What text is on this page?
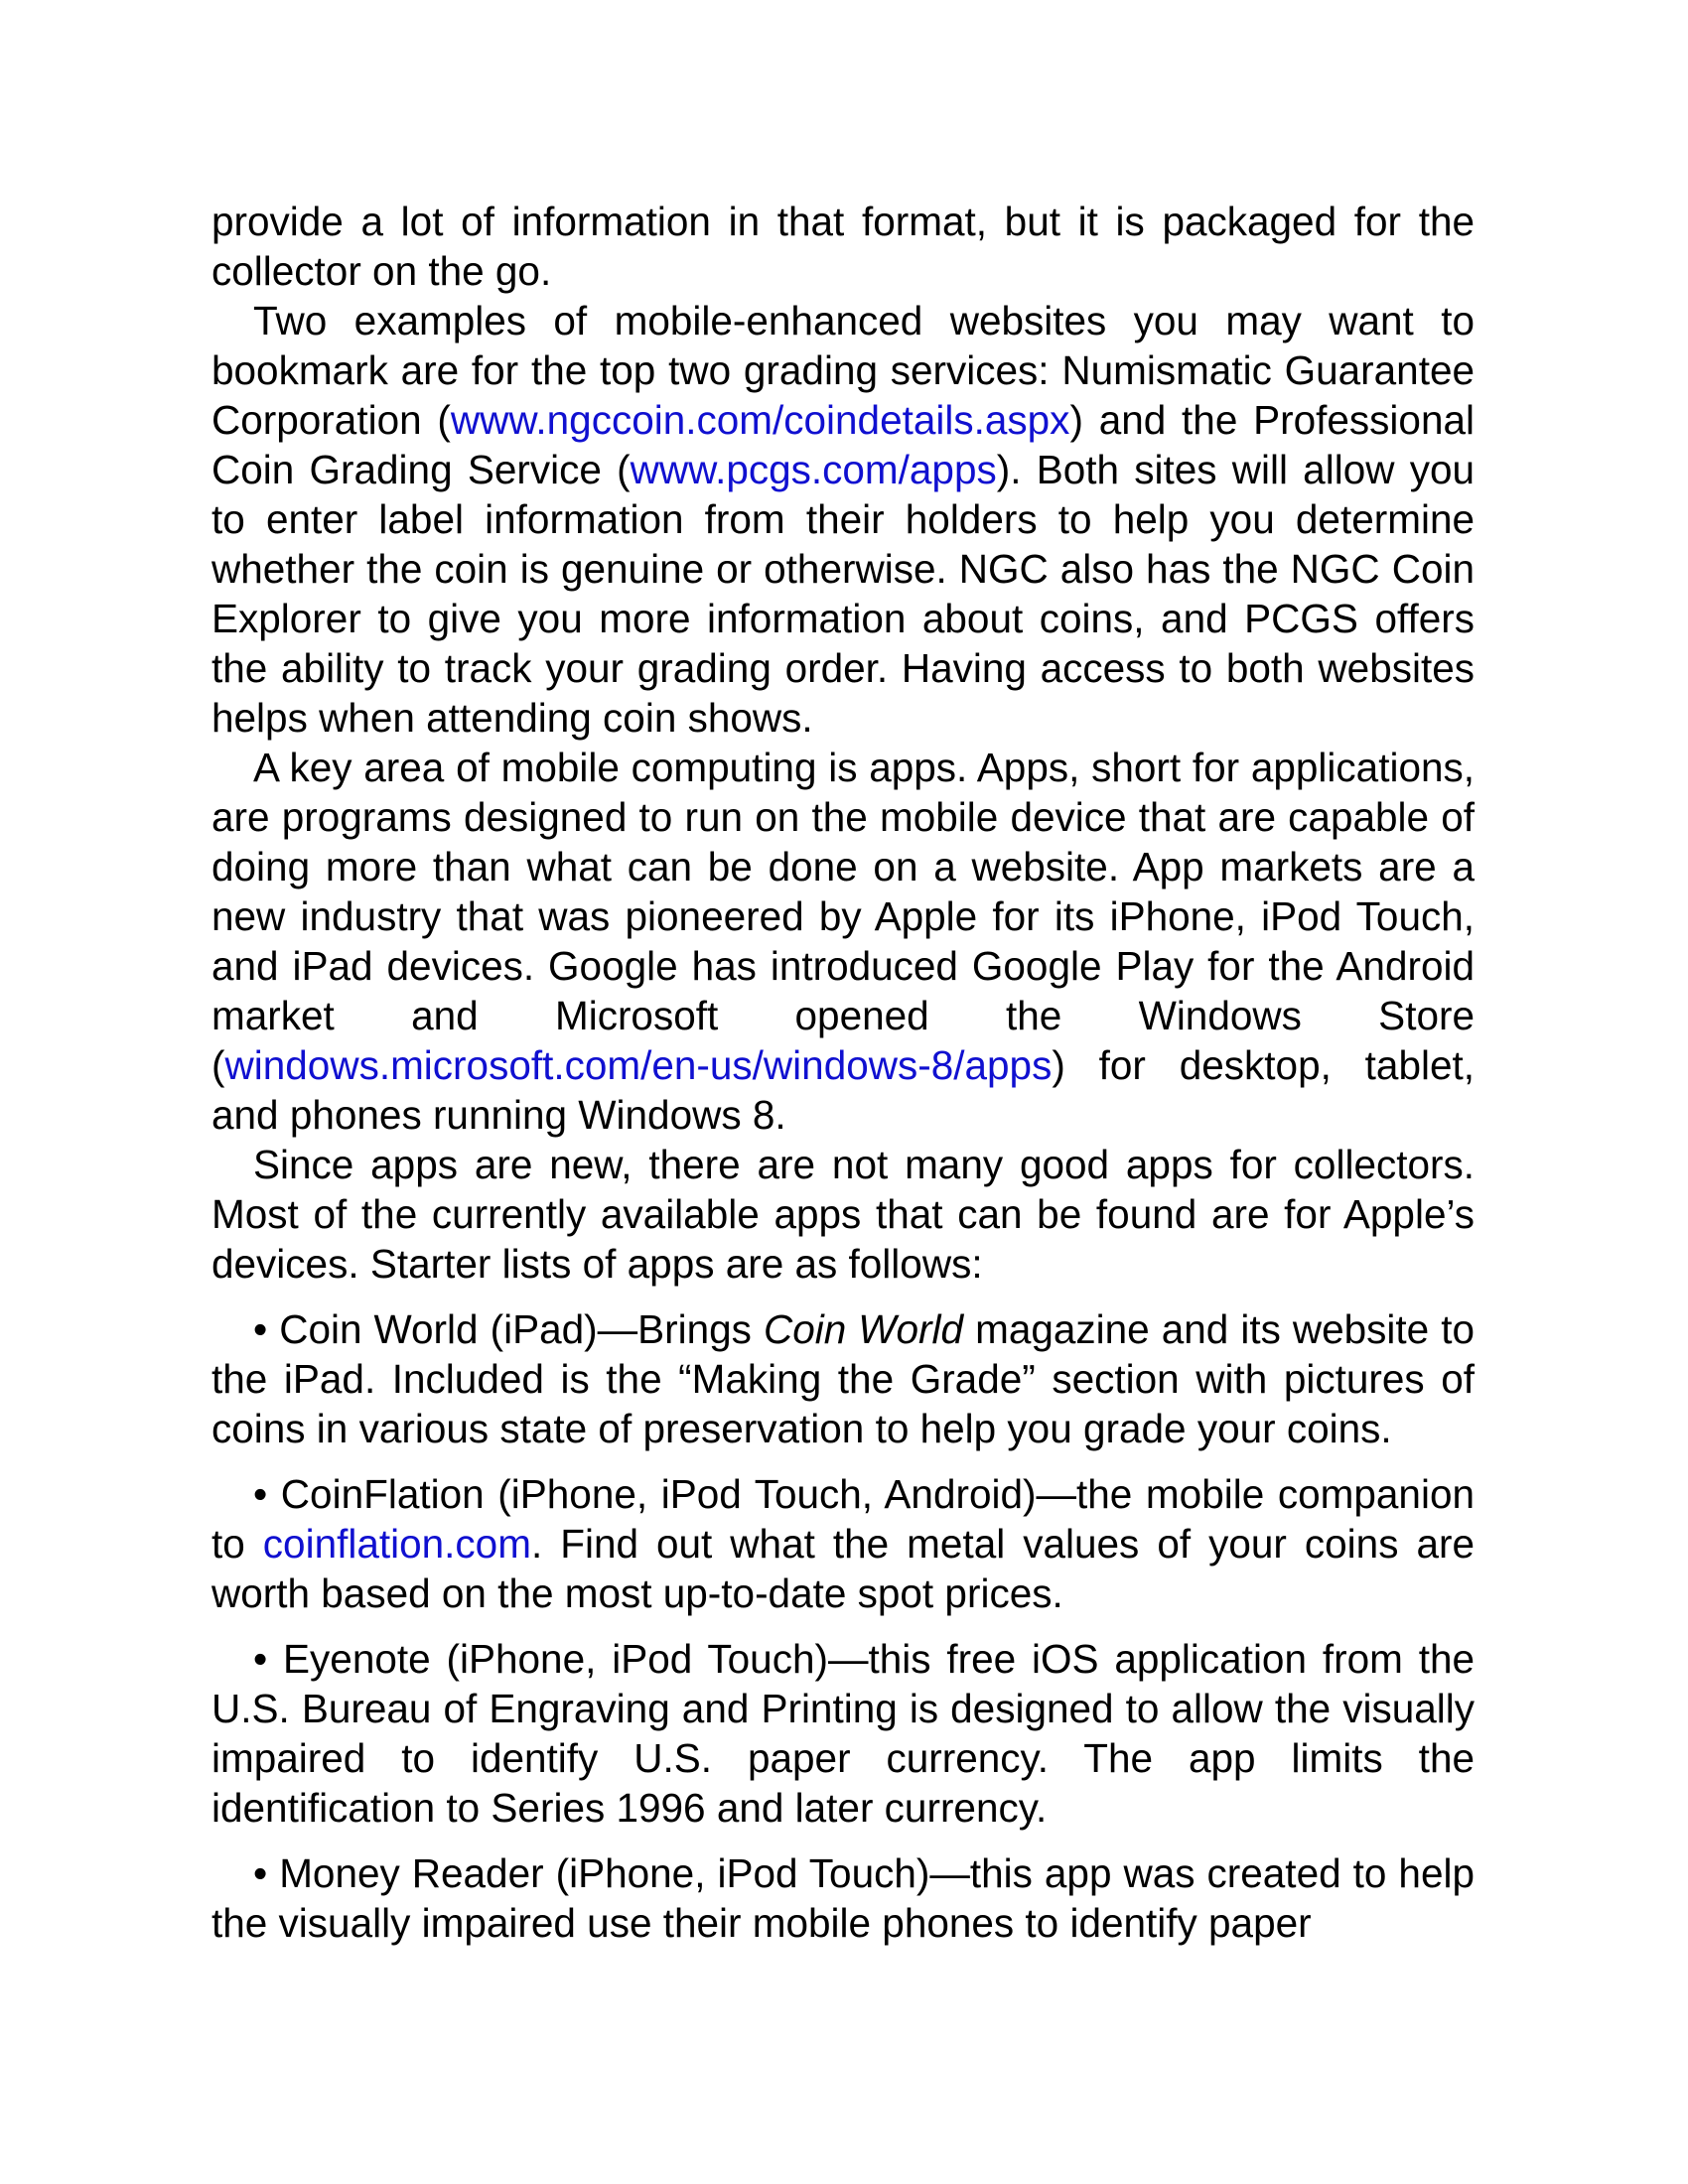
provide a lot of information in that format, but it is packaged for the collector on the go.

Two examples of mobile-enhanced websites you may want to bookmark are for the top two grading services: Numismatic Guarantee Corporation (www.ngccoin.com/coindetails.aspx) and the Professional Coin Grading Service (www.pcgs.com/apps). Both sites will allow you to enter label information from their holders to help you determine whether the coin is genuine or otherwise. NGC also has the NGC Coin Explorer to give you more information about coins, and PCGS offers the ability to track your grading order. Having access to both websites helps when attending coin shows.

A key area of mobile computing is apps. Apps, short for applications, are programs designed to run on the mobile device that are capable of doing more than what can be done on a website. App markets are a new industry that was pioneered by Apple for its iPhone, iPod Touch, and iPad devices. Google has introduced Google Play for the Android market and Microsoft opened the Windows Store (windows.microsoft.com/en-us/windows-8/apps) for desktop, tablet, and phones running Windows 8.

Since apps are new, there are not many good apps for collectors. Most of the currently available apps that can be found are for Apple’s devices. Starter lists of apps are as follows:

• Coin World (iPad)—Brings Coin World magazine and its website to the iPad. Included is the “Making the Grade” section with pictures of coins in various state of preservation to help you grade your coins.

• CoinFlation (iPhone, iPod Touch, Android)—the mobile companion to coinflation.com. Find out what the metal values of your coins are worth based on the most up-to-date spot prices.

• Eyenote (iPhone, iPod Touch)—this free iOS application from the U.S. Bureau of Engraving and Printing is designed to allow the visually impaired to identify U.S. paper currency. The app limits the identification to Series 1996 and later currency.

• Money Reader (iPhone, iPod Touch)—this app was created to help the visually impaired use their mobile phones to identify paper
